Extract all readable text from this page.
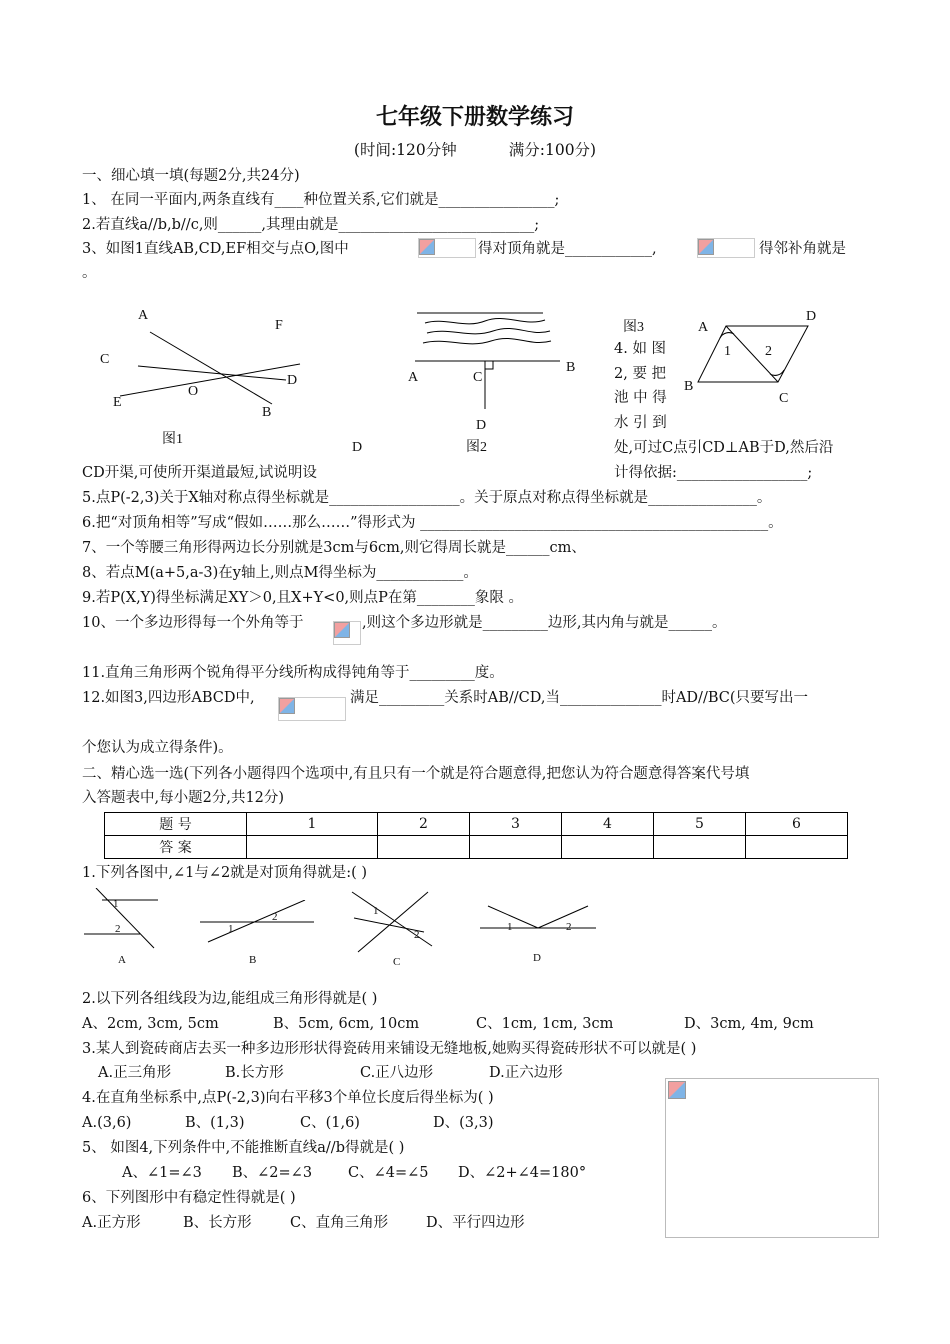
七年级下册数学练习
(时间:120分钟	满分:100分)
一、细心填一填(每题2分,共24分)
1、 在同一平面内,两条直线有____种位置关系,它们就是________________;
2.若直线a//b,b//c,则______,其理由就是___________________________;
3、如图1直线AB,CD,EF相交与点O,图中	得对顶角就是____________,	得邻补角就是
。
A
F
C
D
E
O
B
图1
A	C
B
D
D	图2
图3	A
D
1 2
B
C
4. 如 图
2, 要 把
池 中 得
水 引 到
处,可过C点引CD⊥AB于D,然后沿
CD开渠,可使所开渠道最短,试说明设	计得依据:__________________;
5.点P(-2,3)关于X轴对称点得坐标就是__________________。关于原点对称点得坐标就是_______________。
6.把“对顶角相等”写成“假如……那么……”得形式为 ________________________________________________。
7、一个等腰三角形得两边长分别就是3cm与6cm,则它得周长就是______cm、
8、若点M(a+5,a-3)在y轴上,则点M得坐标为____________。
9.若P(X,Y)得坐标满足XY＞0,且X+Y<0,则点P在第________象限 。
10、一个多边形得每一个外角等于	,则这个多边形就是_________边形,其内角与就是______。
11.直角三角形两个锐角得平分线所构成得钝角等于_________度。
12.如图3,四边形ABCD中,	满足_________关系时AB//CD,当______________时AD//BC(只要写出一
个您认为成立得条件)。
二、精心选一选(下列各小题得四个选项中,有且只有一个就是符合题意得,把您认为符合题意得答案代号填
入答题表中,每小题2分,共12分)
题 号	1	2	3	4	5	6
答 案						
1.下列各图中,∠1与∠2就是对顶角得就是:( )
1
2	1
2	1
2
1	2
A	B	C	D
2.以下列各组线段为边,能组成三角形得就是( )
A、2cm, 3cm, 5cm	B、5cm, 6cm, 10cm	C、1cm, 1cm, 3cm	D、3cm, 4m, 9cm
3.某人到瓷砖商店去买一种多边形形状得瓷砖用来铺设无缝地板,她购买得瓷砖形状不可以就是( )
A.正三角形	B.长方形	C.正八边形	D.正六边形
4.在直角坐标系中,点P(-2,3)向右平移3个单位长度后得坐标为( )
A.(3,6)	B、(1,3)	C、(1,6)	D、(3,3)
5、 如图4,下列条件中,不能推断直线a//b得就是( )
A、∠1=∠3 B、∠2=∠3 C、∠4=∠5 D、∠2+∠4=180°
6、下列图形中有稳定性得就是( )
A.正方形	B、长方形	C、直角三角形	D、平行四边形
